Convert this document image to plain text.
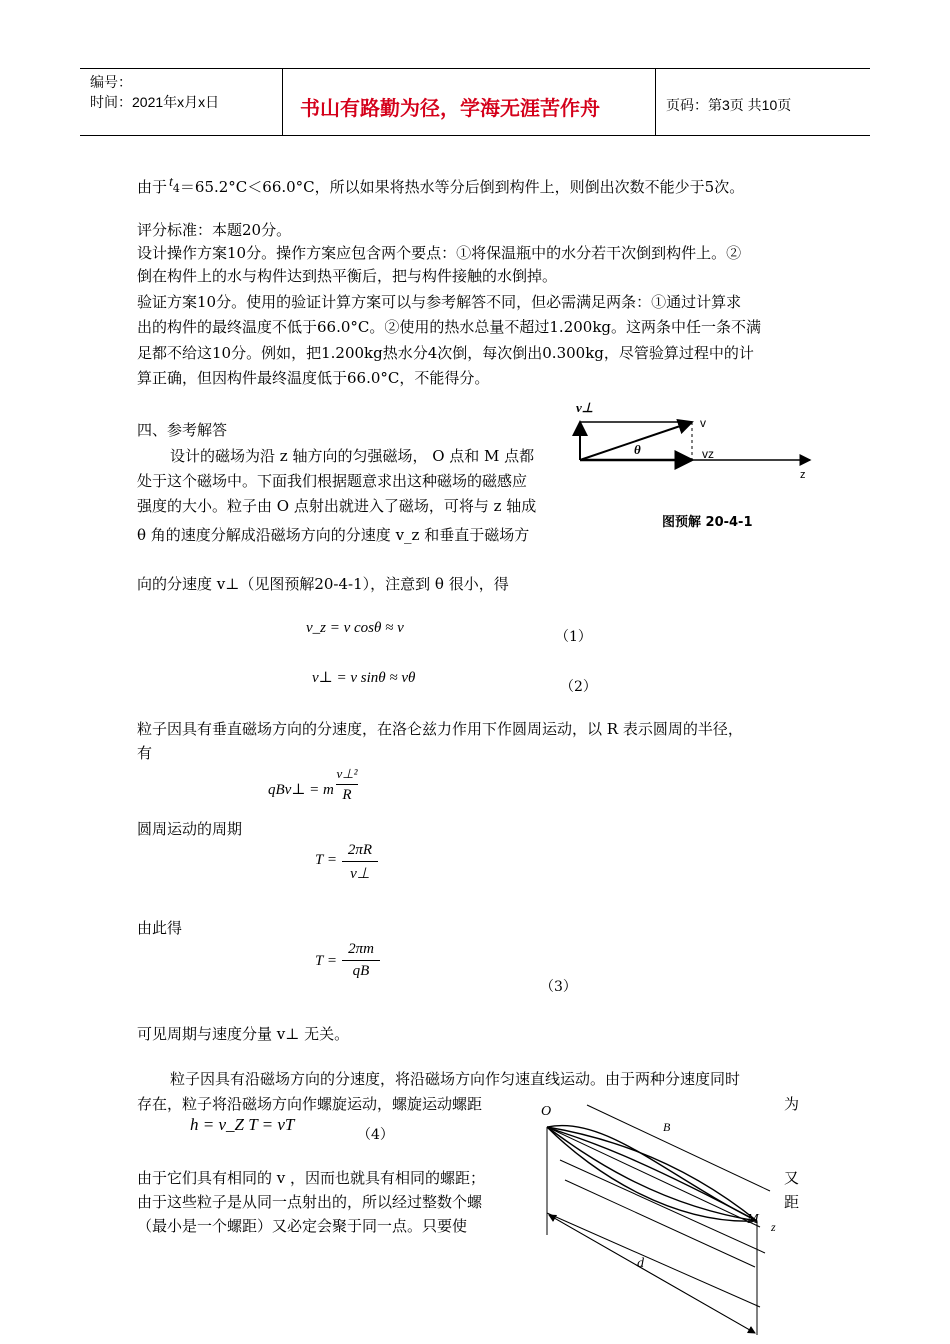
编号：
时间：2021年x月x日	书山有路勤为径，学海无涯苦作舟	页码：第3页 共10页
由于 t4＝65.2°C＜66.0°C，所以如果将热水等分后倒到构件上，则倒出次数不能少于5次。
评分标准：本题20分。
设计操作方案10分。操作方案应包含两个要点：①将保温瓶中的水分若干次倒到构件上。②
倒在构件上的水与构件达到热平衡后，把与构件接触的水倒掉。
验证方案10分。使用的验证计算方案可以与参考解答不同，但必需满足两条：①通过计算求
出的构件的最终温度不低于66.0°C。②使用的热水总量不超过1.200kg。这两条中任一条不满
足都不给这10分。例如，把1.200kg热水分4次倒，每次倒出0.300kg，尽管验算过程中的计
算正确，但因构件最终温度低于66.0°C，不能得分。
四、参考解答
设计的磁场为沿 z 轴方向的匀强磁场， O 点和 M 点都
处于这个磁场中。下面我们根据题意求出这种磁场的磁感应
强度的大小。粒子由 O 点射出就进入了磁场，可将与 z 轴成
θ 角的速度分解成沿磁场方向的分速度 v_z 和垂直于磁场方
向的分速度 v⊥（见图预解20-4-1），注意到 θ 很小，得
v⊥
v
vz
θ
z
图预解 20-4-1
v_z = v cosθ ≈ v
（1）
v⊥ = v sinθ ≈ vθ
（2）
粒子因具有垂直磁场方向的分速度，在洛仑兹力作用下作圆周运动，以 R 表示圆周的半径，
有
qBv⊥ = m
v⊥²
R
圆周运动的周期
T =
2πR
v⊥
由此得
T =
2πm
qB
（3）
可见周期与速度分量 v⊥ 无关。
粒子因具有沿磁场方向的分速度，将沿磁场方向作匀速直线运动。由于两种分速度同时
存在，粒子将沿磁场方向作螺旋运动，螺旋运动螺距	为
h = v_Z T = vT
（4）
由于它们具有相同的 v ，因而也就具有相同的螺距；	又
由于这些粒子是从同一点射出的，所以经过整数个螺	距
（最小是一个螺距）又必定会聚于同一点。只要使
O
B
M z
d
